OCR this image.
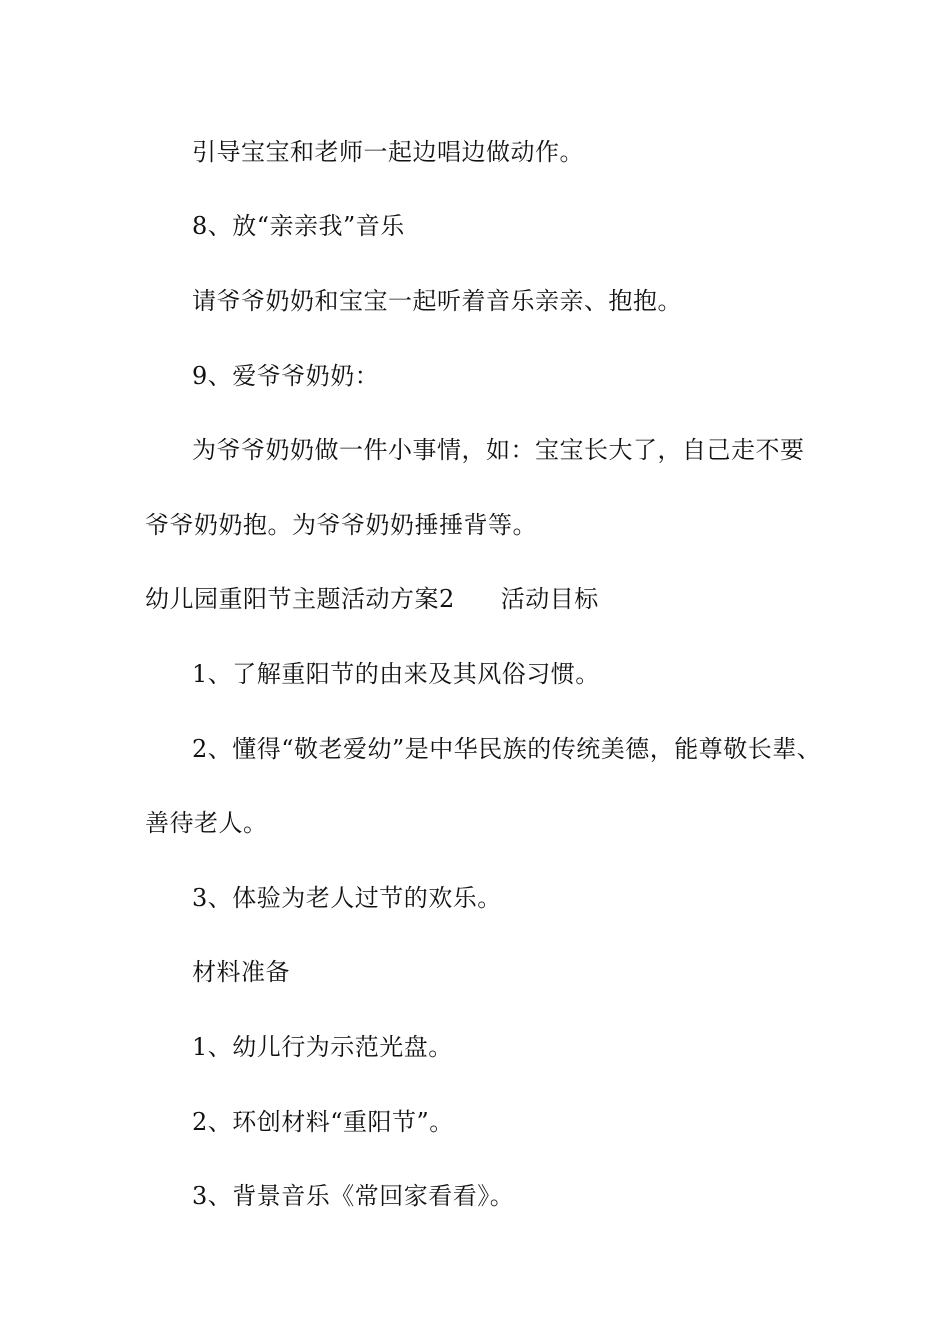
引导宝宝和老师一起边唱边做动作。
8、放“亲亲我”音乐
请爷爷奶奶和宝宝一起听着音乐亲亲、抱抱。
9、爱爷爷奶奶：
为爷爷奶奶做一件小事情，如：宝宝长大了，自己走不要
爷爷奶奶抱。为爷爷奶奶捶捶背等。
幼儿园重阳节主题活动方案2 活动目标
1、了解重阳节的由来及其风俗习惯。
2、懂得“敬老爱幼”是中华民族的传统美德，能尊敬长辈、
善待老人。
3、体验为老人过节的欢乐。
材料准备
1、幼儿行为示范光盘。
2、环创材料“重阳节”。
3、背景音乐《常回家看看》。
